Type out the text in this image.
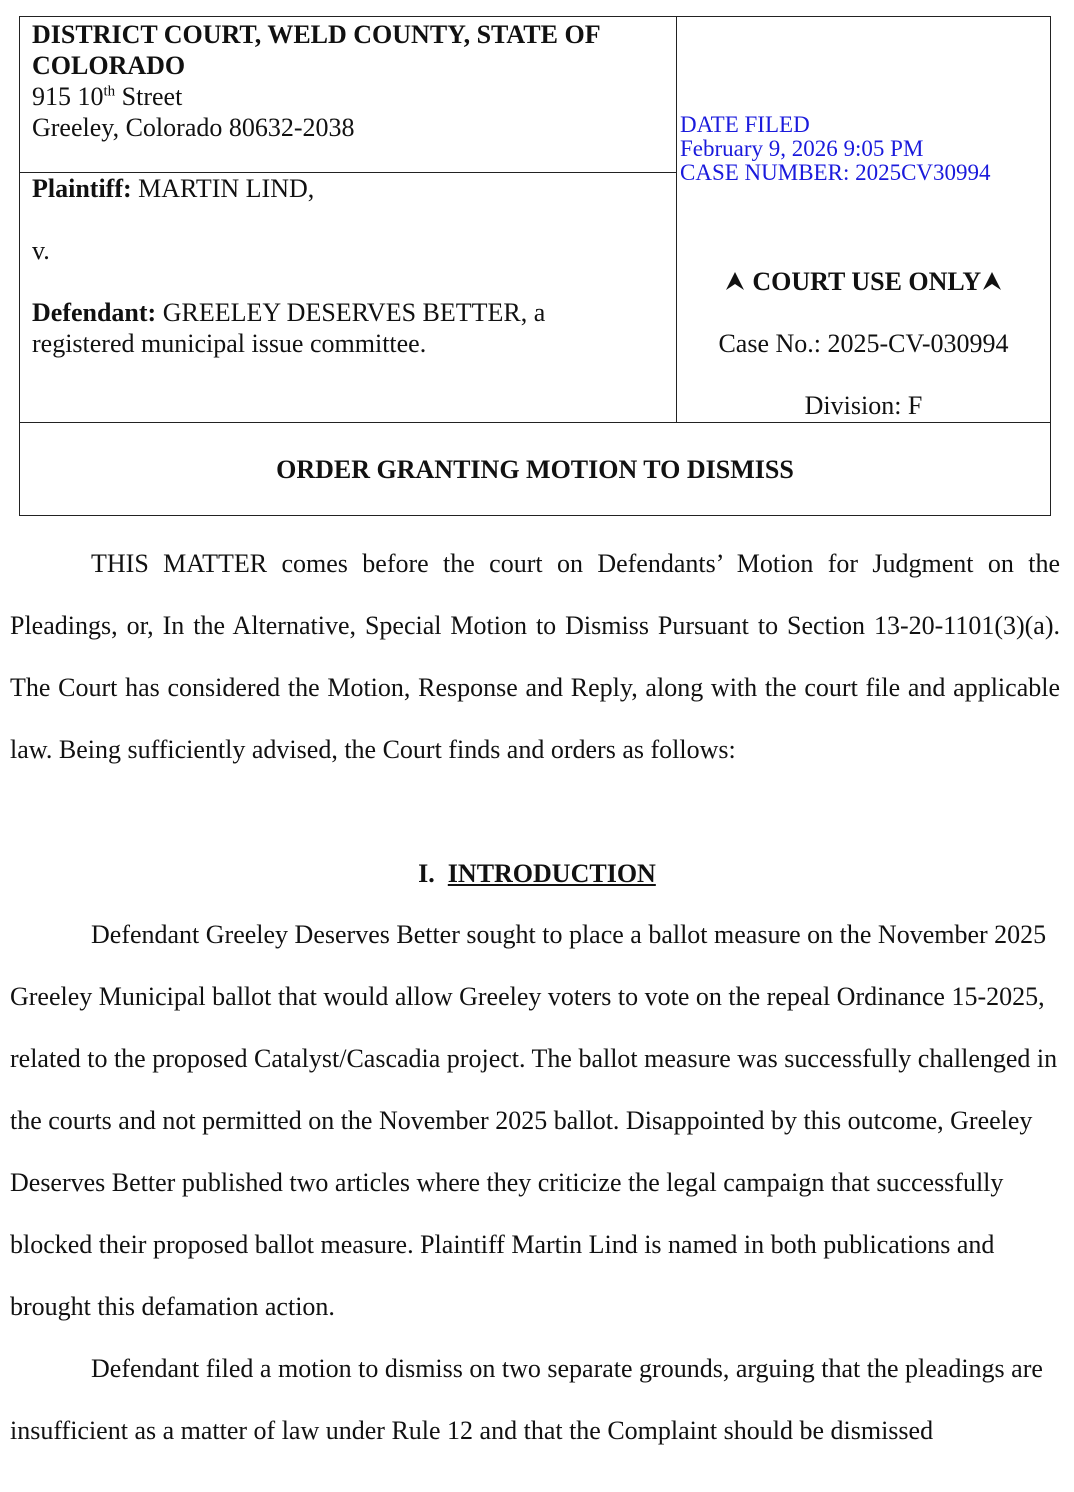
DISTRICT COURT, WELD COUNTY, STATE OF
COLORADO
915 10th Street
Greeley, Colorado 80632-2038

Plaintiff: MARTIN LIND,

v.

Defendant: GREELEY DESERVES BETTER, a

registered municipal issue committee.

DATE FILED
February 9, 2026 9:05 PM
CASE NUMBER: 2025CV30994
COURT USE ONLY
Case No.: 2025-CV-030994
Division: F
ORDER GRANTING MOTION TO DISMISS

THIS MATTER comes before the court on Defendants’ Motion for Judgment on the Pleadings, or, In the Alternative, Special Motion to Dismiss Pursuant to Section 13-20-1101(3)(a). The Court has considered the Motion, Response and Reply, along with the court file and applicable law. Being sufficiently advised, the Court finds and orders as follows:

I. INTRODUCTION

Defendant Greeley Deserves Better sought to place a ballot measure on the November 2025 Greeley Municipal ballot that would allow Greeley voters to vote on the repeal Ordinance 15-2025, related to the proposed Catalyst/Cascadia project. The ballot measure was successfully challenged in the courts and not permitted on the November 2025 ballot. Disappointed by this outcome, Greeley Deserves Better published two articles where they criticize the legal campaign that successfully blocked their proposed ballot measure. Plaintiff Martin Lind is named in both publications and brought this defamation action.

Defendant filed a motion to dismiss on two separate grounds, arguing that the pleadings are insufficient as a matter of law under Rule 12 and that the Complaint should be dismissed
